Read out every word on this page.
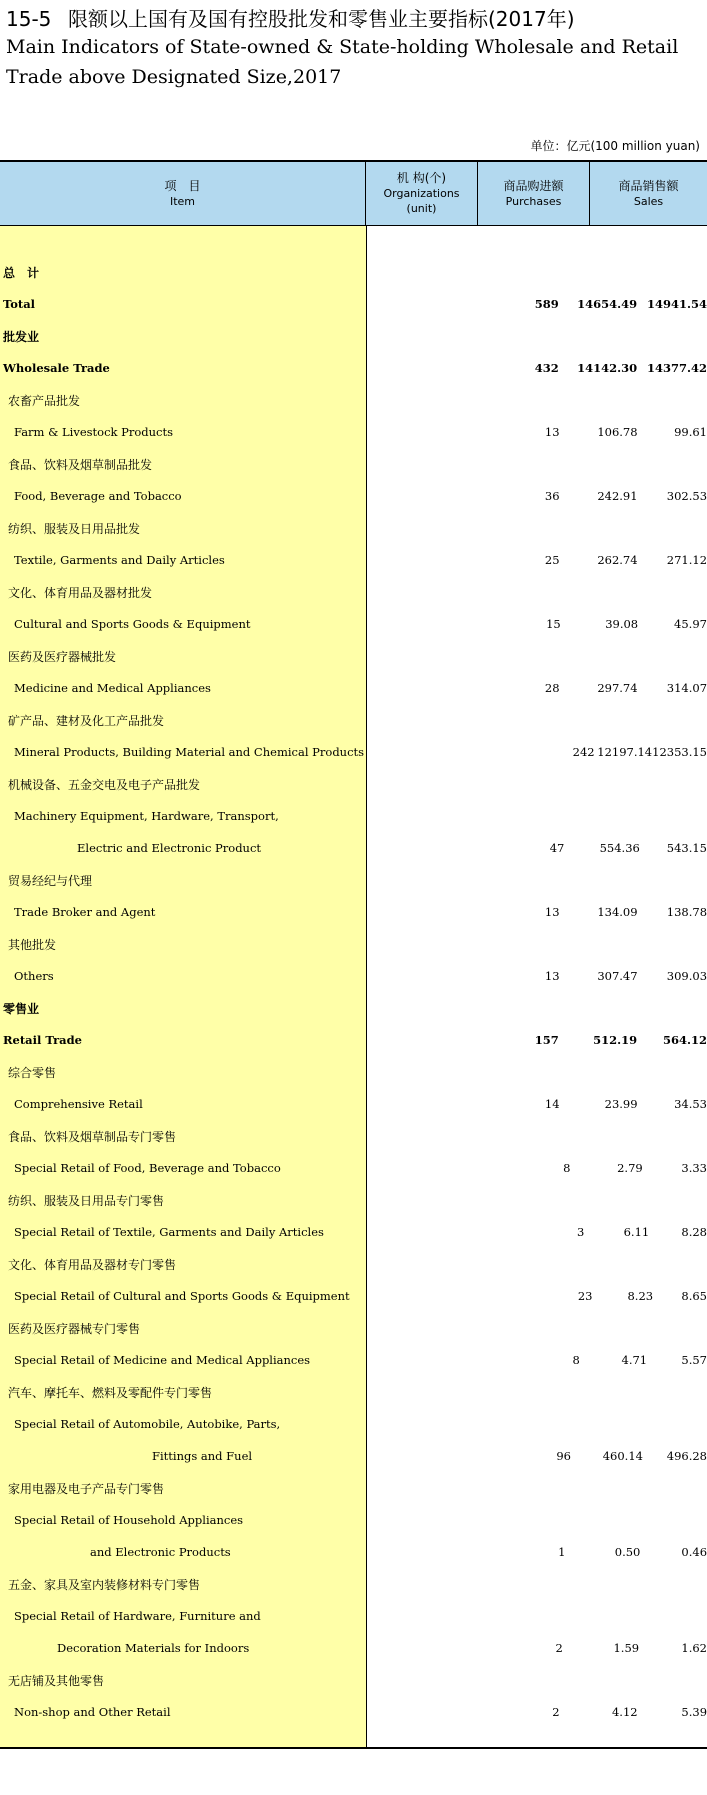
15-5 限额以上国有及国有控股批发和零售业主要指标(2017年)
Main Indicators of State-owned & State-holding Wholesale and Retail
Trade above Designated Size,2017
单位：亿元(100 million yuan)
项　目
Item
机 构(个)
Organizations
(unit)
商品购进额
Purchases
商品销售额
Sales
总　计
Total	589	14654.49 14941.54
批发业
Wholesale Trade	432	14142.30 14377.42
农畜产品批发
Farm & Livestock Products	13	106.78	99.61
食品、饮料及烟草制品批发
Food, Beverage and Tobacco	36	242.91	302.53
纺织、服装及日用品批发
Textile, Garments and Daily Articles	25	262.74	271.12
文化、体育用品及器材批发
Cultural and Sports Goods & Equipment	15	39.08	45.97
医药及医疗器械批发
Medicine and Medical Appliances	28	297.74	314.07
矿产品、建材及化工产品批发
Mineral Products, Building Material and Chemical Products	242 12197.14 12353.15
机械设备、五金交电及电子产品批发
Machinery Equipment, Hardware, Transport,
Electric and Electronic Product	47	554.36	543.15
贸易经纪与代理
Trade Broker and Agent	13	134.09	138.78
其他批发
Others	13	307.47	309.03
零售业
Retail Trade	157	512.19	564.12
综合零售
Comprehensive Retail	14	23.99	34.53
食品、饮料及烟草制品专门零售
Special Retail of Food, Beverage and Tobacco	8	2.79	3.33
纺织、服装及日用品专门零售
Special Retail of Textile, Garments and Daily Articles	3	6.11	8.28
文化、体育用品及器材专门零售
Special Retail of Cultural and Sports Goods & Equipment	23	8.23	8.65
医药及医疗器械专门零售
Special Retail of Medicine and Medical Appliances	8	4.71	5.57
汽车、摩托车、燃料及零配件专门零售
Special Retail of Automobile, Autobike, Parts,
Fittings and Fuel	96	460.14	496.28
家用电器及电子产品专门零售
Special Retail of Household Appliances
and Electronic Products	1	0.50	0.46
五金、家具及室内装修材料专门零售
Special Retail of Hardware, Furniture and
Decoration Materials for Indoors	2	1.59	1.62
无店铺及其他零售
Non-shop and Other Retail	2	4.12	5.39
